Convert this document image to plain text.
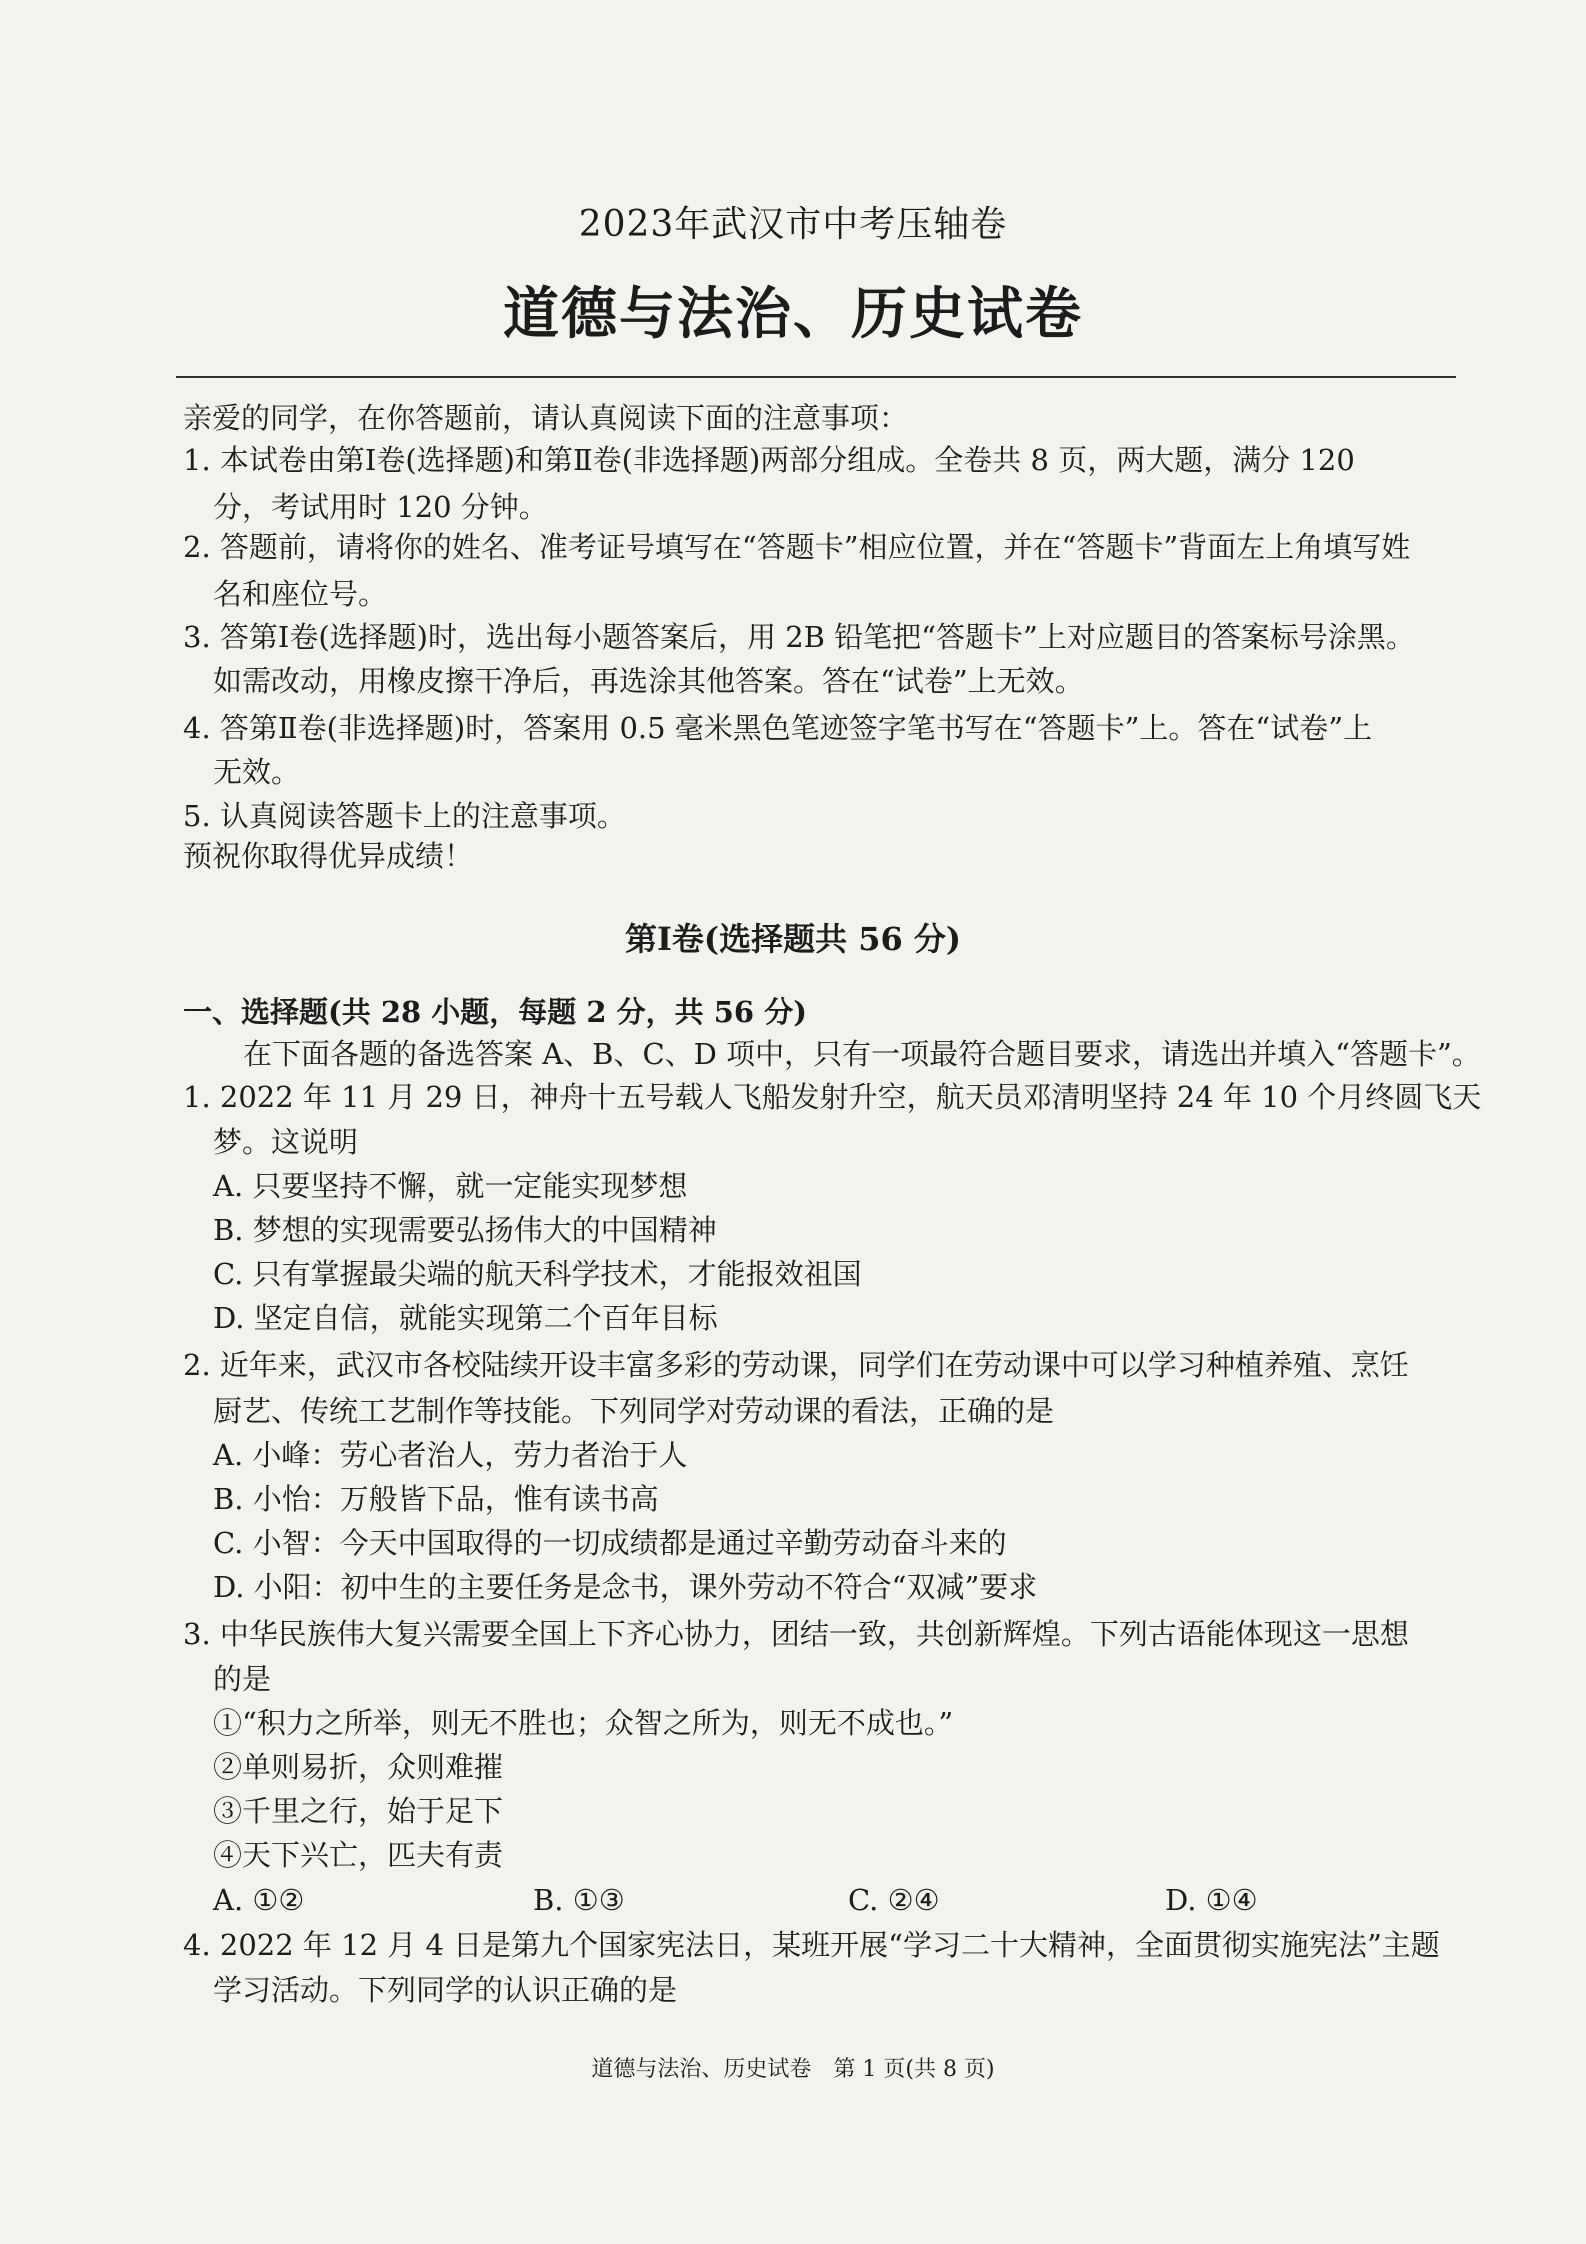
2023年武汉市中考压轴卷
道德与法治、历史试卷
亲爱的同学，在你答题前，请认真阅读下面的注意事项：
1. 本试卷由第Ⅰ卷(选择题)和第Ⅱ卷(非选择题)两部分组成。全卷共 8 页，两大题，满分 120
分，考试用时 120 分钟。
2. 答题前，请将你的姓名、准考证号填写在“答题卡”相应位置，并在“答题卡”背面左上角填写姓
名和座位号。
3. 答第Ⅰ卷(选择题)时，选出每小题答案后，用 2B 铅笔把“答题卡”上对应题目的答案标号涂黑。
如需改动，用橡皮擦干净后，再选涂其他答案。答在“试卷”上无效。
4. 答第Ⅱ卷(非选择题)时，答案用 0.5 毫米黑色笔迹签字笔书写在“答题卡”上。答在“试卷”上
无效。
5. 认真阅读答题卡上的注意事项。
预祝你取得优异成绩！
第Ⅰ卷(选择题共 56 分)
一、选择题(共 28 小题，每题 2 分，共 56 分)
在下面各题的备选答案 A、B、C、D 项中，只有一项最符合题目要求，请选出并填入“答题卡”。
1. 2022 年 11 月 29 日，神舟十五号载人飞船发射升空，航天员邓清明坚持 24 年 10 个月终圆飞天
梦。这说明
A. 只要坚持不懈，就一定能实现梦想
B. 梦想的实现需要弘扬伟大的中国精神
C. 只有掌握最尖端的航天科学技术，才能报效祖国
D. 坚定自信，就能实现第二个百年目标
2. 近年来，武汉市各校陆续开设丰富多彩的劳动课，同学们在劳动课中可以学习种植养殖、烹饪
厨艺、传统工艺制作等技能。下列同学对劳动课的看法，正确的是
A. 小峰：劳心者治人，劳力者治于人
B. 小怡：万般皆下品，惟有读书高
C. 小智：今天中国取得的一切成绩都是通过辛勤劳动奋斗来的
D. 小阳：初中生的主要任务是念书，课外劳动不符合“双减”要求
3. 中华民族伟大复兴需要全国上下齐心协力，团结一致，共创新辉煌。下列古语能体现这一思想
的是
①“积力之所举，则无不胜也；众智之所为，则无不成也。”
②单则易折，众则难摧
③千里之行，始于足下
④天下兴亡，匹夫有责
A. ①②	B. ①③	C. ②④	D. ①④
4. 2022 年 12 月 4 日是第九个国家宪法日，某班开展“学习二十大精神，全面贯彻实施宪法”主题
学习活动。下列同学的认识正确的是
道德与法治、历史试卷　第 1 页(共 8 页)
